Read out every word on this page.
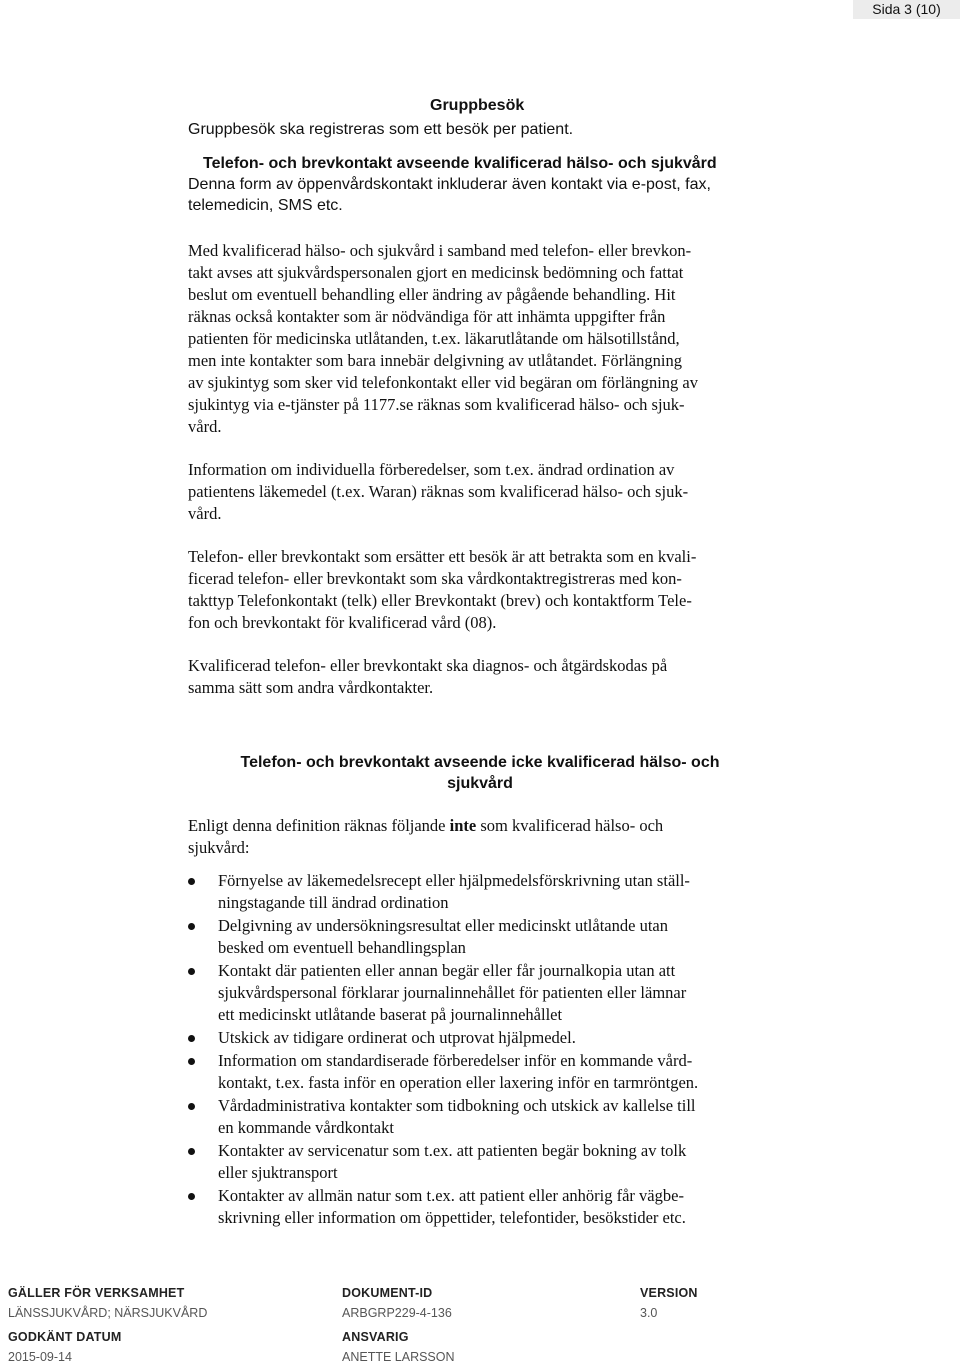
Sida 3 (10)
Gruppbesök
Gruppbesök ska registreras som ett besök per patient.
Telefon- och brevkontakt avseende kvalificerad hälso- och sjukvård
Denna form av öppenvårdskontakt inkluderar även kontakt via e-post, fax,
telemedicin, SMS etc.
Med kvalificerad hälso- och sjukvård i samband med telefon- eller brevkon-
takt avses att sjukvårdspersonalen gjort en medicinsk bedömning och fattat
beslut om eventuell behandling eller ändring av pågående behandling. Hit
räknas också kontakter som är nödvändiga för att inhämta uppgifter från
patienten för medicinska utlåtanden, t.ex. läkarutlåtande om hälsotillstånd,
men inte kontakter som bara innebär delgivning av utlåtandet. Förlängning
av sjukintyg som sker vid telefonkontakt eller vid begäran om förlängning av
sjukintyg via e-tjänster på 1177.se räknas som kvalificerad hälso- och sjuk-
vård.
Information om individuella förberedelser, som t.ex. ändrad ordination av
patientens läkemedel (t.ex. Waran) räknas som kvalificerad hälso- och sjuk-
vård.
Telefon- eller brevkontakt som ersätter ett besök är att betrakta som en kvali-
ficerad telefon- eller brevkontakt som ska vårdkontaktregistreras med kon-
takttyp Telefonkontakt (telk) eller Brevkontakt (brev) och kontaktform Tele-
fon och brevkontakt för kvalificerad vård (08).
Kvalificerad telefon- eller brevkontakt ska diagnos- och åtgärdskodas på
samma sätt som andra vårdkontakter.
Telefon- och brevkontakt avseende icke kvalificerad hälso- och
sjukvård
Enligt denna definition räknas följande inte som kvalificerad hälso- och
sjukvård:
Förnyelse av läkemedelsrecept eller hjälpmedelsförskrivning utan ställ-
ningstagande till ändrad ordination
Delgivning av undersökningsresultat eller medicinskt utlåtande utan
besked om eventuell behandlingsplan
Kontakt där patienten eller annan begär eller får journalkopia utan att
sjukvårdspersonal förklarar journalinnehållet för patienten eller lämnar
ett medicinskt utlåtande baserat på journalinnehållet
Utskick av tidigare ordinerat och utprovat hjälpmedel.
Information om standardiserade förberedelser inför en kommande vård-
kontakt, t.ex. fasta inför en operation eller laxering inför en tarmröntgen.
Vårdadministrativa kontakter som tidbokning och utskick av kallelse till
en kommande vårdkontakt
Kontakter av servicenatur som t.ex. att patienten begär bokning av tolk
eller sjuktransport
Kontakter av allmän natur som t.ex. att patient eller anhörig får vägbe-
skrivning eller information om öppettider, telefontider, besökstider etc.
GÄLLER FÖR VERKSAMHET
LÄNSSJUKVÅRD; NÄRSJUKVÅRD
DOKUMENT-ID
ARBGRP229-4-136
VERSION
3.0
GODKÄNT DATUM
2015-09-14
ANSVARIG
ANETTE LARSSON
